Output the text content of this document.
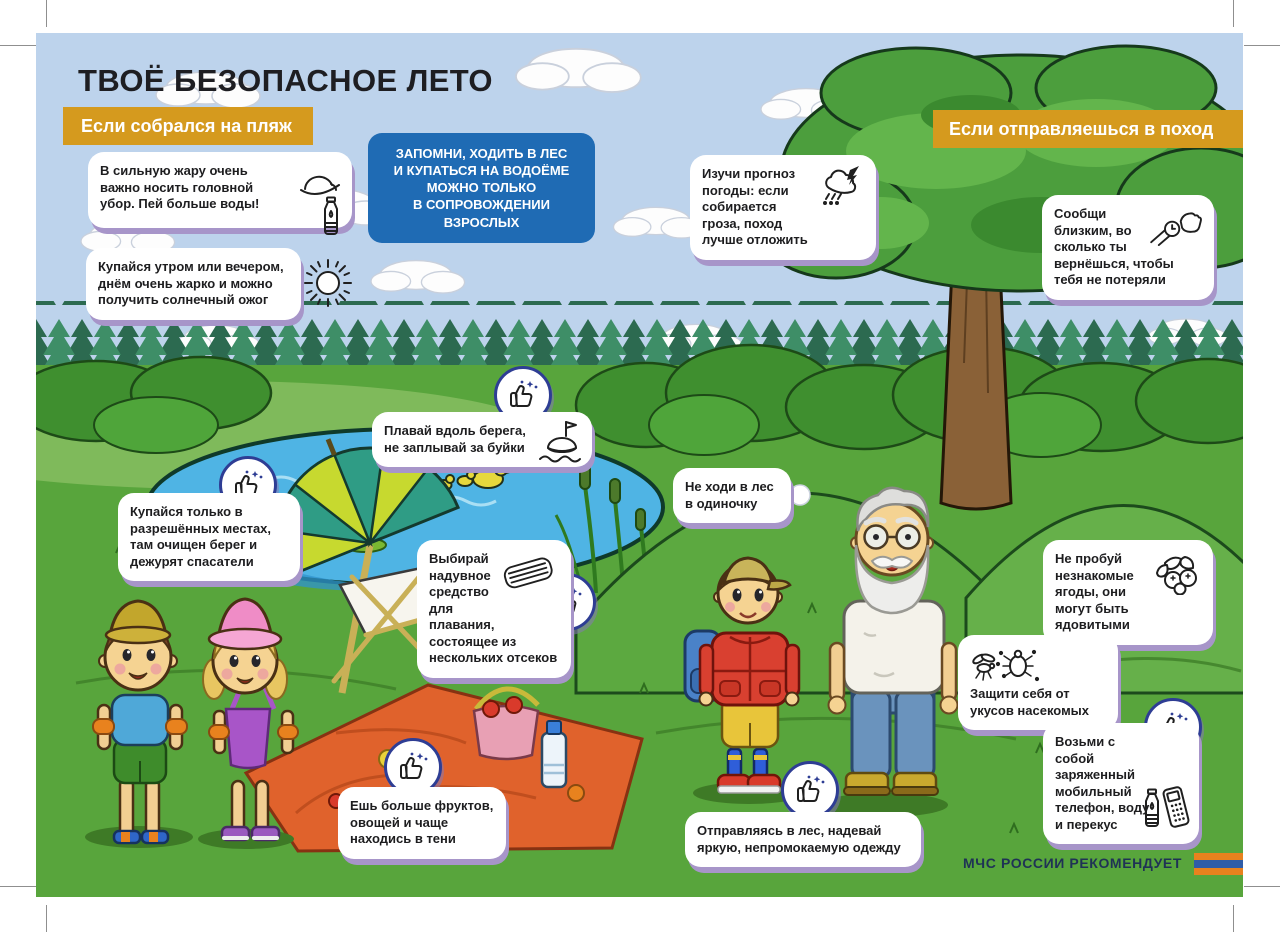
В сильную жару очень важно носить головной убор. Пей больше воды!
Купайся утром или вечером, днём очень жарко и можно получить солнечный ожог
Плавай вдоль берега, не заплывай за буйки
Купайся только в разрешённых местах, там очищен берег и дежурят спасатели	Выбирай надувное средство для плавания, состоящее из нескольких отсеков
Ешь больше фруктов, овощей и чаще находись в тени
Изучи прогноз погоды: если собирается гроза, поход лучше отложить
Сообщи близким, во сколько ты вернёшься, чтобы тебя не потеряли
Не ходи в лес в одиночку
Не пробуй незнакомые ягоды, они могут быть ядовитыми
Защити себя от укусов насекомых
Возьми с собой заряженный мобильный телефон, воду и перекус
Отправляясь в лес, надевай яркую, непромокаемую одежду
ЗАПОМНИ, ХОДИТЬ В ЛЕС
И КУПАТЬСЯ НА ВОДОЁМЕ
МОЖНО ТОЛЬКО
В СОПРОВОЖДЕНИИ
ВЗРОСЛЫХ
ТВОЁ БЕЗОПАСНОЕ ЛЕТО
Если собрался на пляж	Если отправляешься в поход
МЧС РОССИИ РЕКОМЕНДУЕТ
